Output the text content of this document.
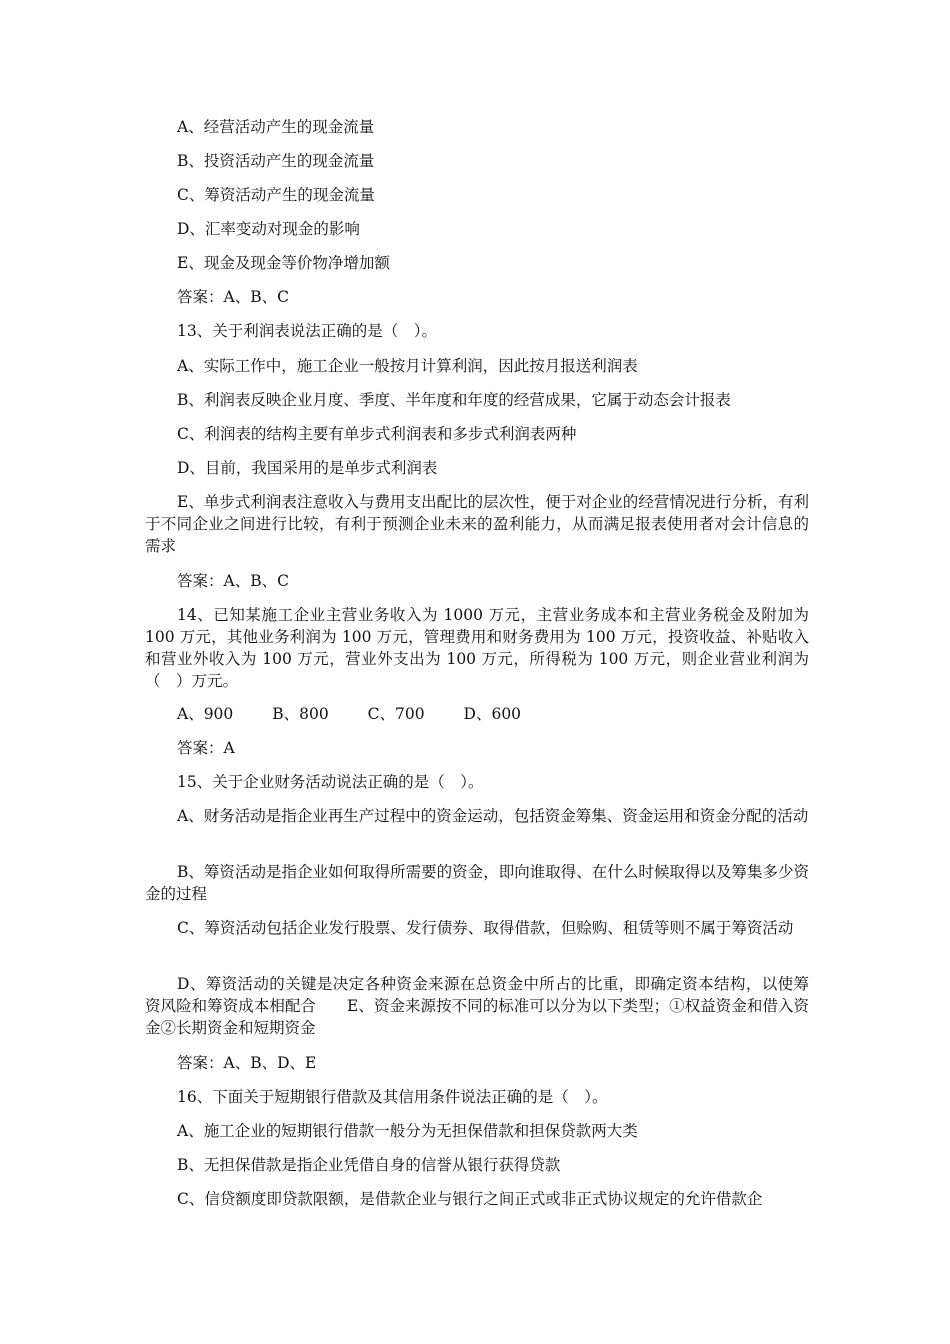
A、经营活动产生的现金流量
B、投资活动产生的现金流量
C、筹资活动产生的现金流量
D、汇率变动对现金的影响
E、现金及现金等价物净增加额
答案：A、B、C
13、关于利润表说法正确的是（　）。
A、实际工作中，施工企业一般按月计算利润，因此按月报送利润表
B、利润表反映企业月度、季度、半年度和年度的经营成果，它属于动态会计报表
C、利润表的结构主要有单步式利润表和多步式利润表两种
D、目前，我国采用的是单步式利润表
E、单步式利润表注意收入与费用支出配比的层次性，便于对企业的经营情况进行分析，有利于不同企业之间进行比较，有利于预测企业未来的盈利能力，从而满足报表使用者对会计信息的需求
答案：A、B、C
14、已知某施工企业主营业务收入为 1000 万元，主营业务成本和主营业务税金及附加为 100 万元，其他业务利润为 100 万元，管理费用和财务费用为 100 万元，投资收益、补贴收入和营业外收入为 100 万元，营业外支出为 100 万元，所得税为 100 万元，则企业营业利润为（　）万元。
A、900	B、800	C、700	D、600
答案：A
15、关于企业财务活动说法正确的是（　）。
A、财务活动是指企业再生产过程中的资金运动，包括资金筹集、资金运用和资金分配的活动
B、筹资活动是指企业如何取得所需要的资金，即向谁取得、在什么时候取得以及筹集多少资金的过程
C、筹资活动包括企业发行股票、发行债券、取得借款，但赊购、租赁等则不属于筹资活动
D、筹资活动的关键是决定各种资金来源在总资金中所占的比重，即确定资本结构，以使筹资风险和筹资成本相配合　　E、资金来源按不同的标准可以分为以下类型；①权益资金和借入资金②长期资金和短期资金
答案：A、B、D、E
16、下面关于短期银行借款及其信用条件说法正确的是（　）。
A、施工企业的短期银行借款一般分为无担保借款和担保贷款两大类
B、无担保借款是指企业凭借自身的信誉从银行获得贷款
C、信贷额度即贷款限额，是借款企业与银行之间正式或非正式协议规定的允许借款企
